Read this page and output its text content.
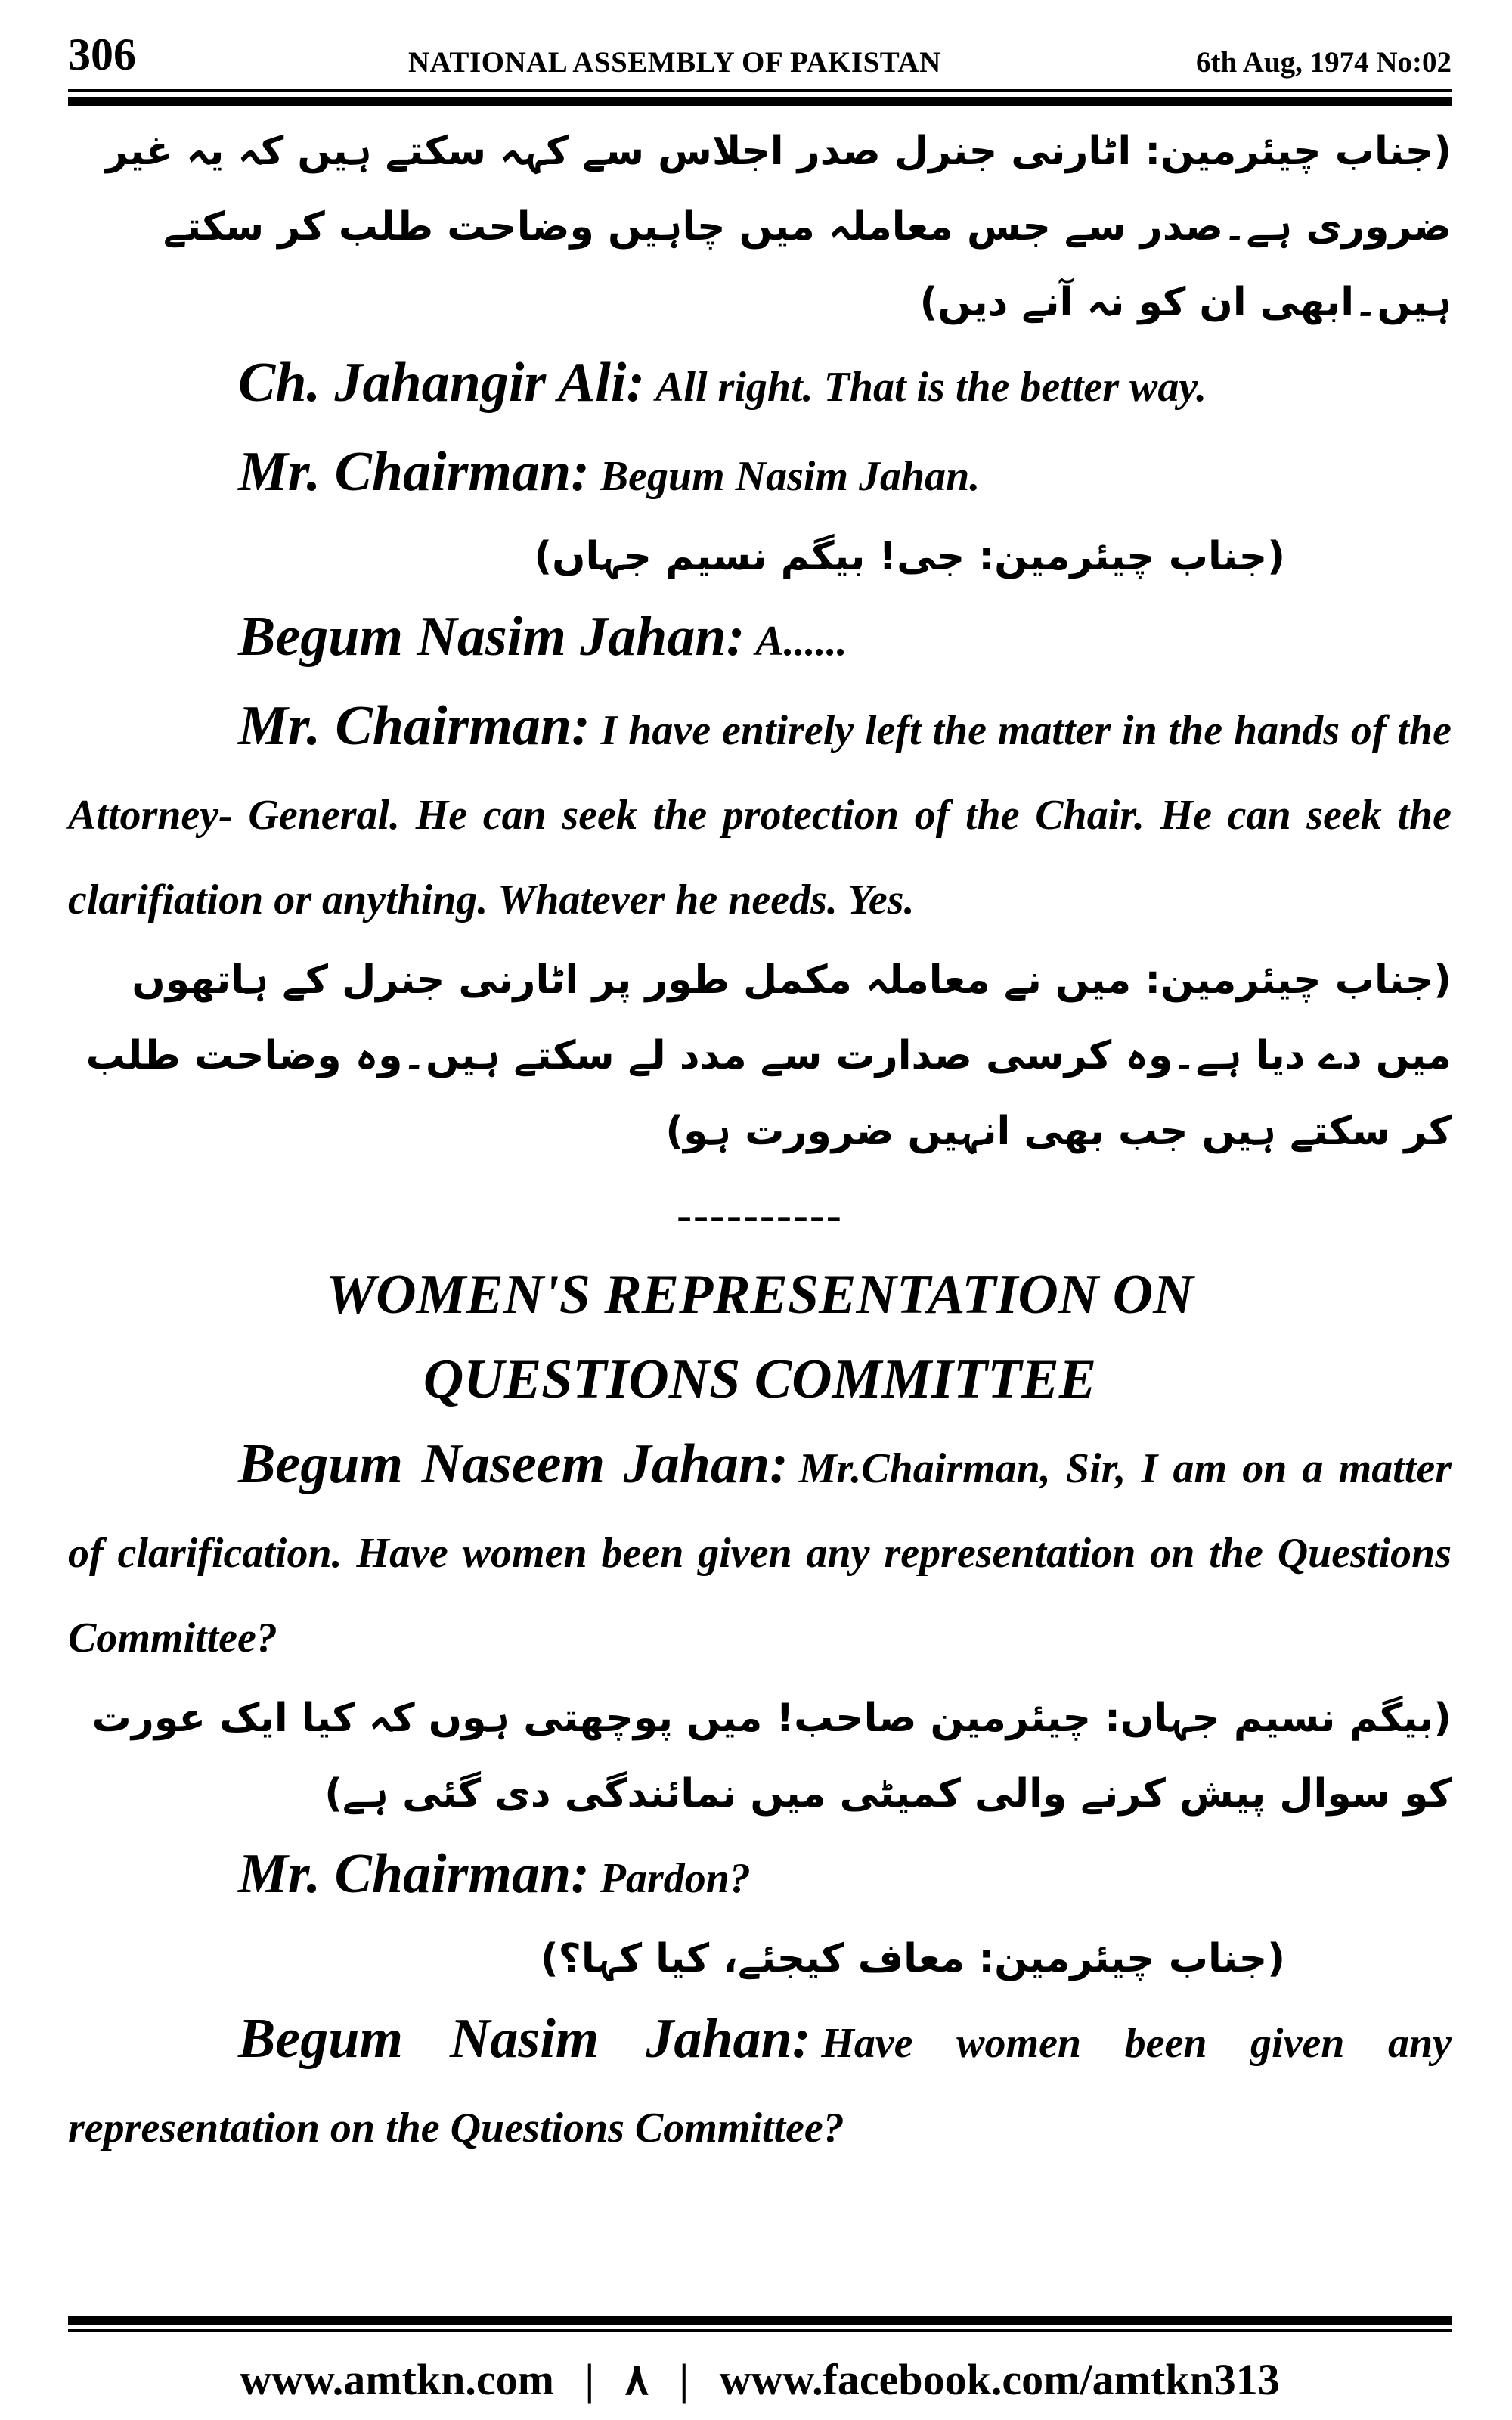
306	NATIONAL ASSEMBLY OF PAKISTAN	6th Aug, 1974 No:02

(جناب چیئرمین: اٹارنی جنرل صدر اجلاس سے کہہ سکتے ہیں کہ یہ غیر ضروری ہے۔صدر سے جس معاملہ میں چاہیں وضاحت طلب کر سکتے ہیں۔ابھی ان کو نہ آنے دیں)

Ch. Jahangir Ali: All right. That is the better way.

Mr. Chairman: Begum Nasim Jahan.

(جناب چیئرمین: جی! بیگم نسیم جہاں)

Begum Nasim Jahan: A......

Mr. Chairman: I have entirely left the matter in the hands of the Attorney- General. He can seek the protection of the Chair. He can seek the clarifiation or anything. Whatever he needs. Yes.

(جناب چیئرمین: میں نے معاملہ مکمل طور پر اٹارنی جنرل کے ہاتھوں میں دے دیا ہے۔وہ کرسی صدارت سے مدد لے سکتے ہیں۔وہ وضاحت طلب کر سکتے ہیں جب بھی انہیں ضرورت ہو)

----------

WOMEN'S REPRESENTATION ON

QUESTIONS COMMITTEE

Begum Naseem Jahan: Mr.Chairman, Sir, I am on a matter of clarification. Have women been given any representation on the Questions Committee?

(بیگم نسیم جہاں: چیئرمین صاحب! میں پوچھتی ہوں کہ کیا ایک عورت کو سوال پیش کرنے والی کمیٹی میں نمائندگی دی گئی ہے)

Mr. Chairman: Pardon?

(جناب چیئرمین: معاف کیجئے، کیا کہا؟)

Begum Nasim Jahan: Have women been given any representation on the Questions Committee?

www.amtkn.com | ۸ | www.facebook.com/amtkn313
